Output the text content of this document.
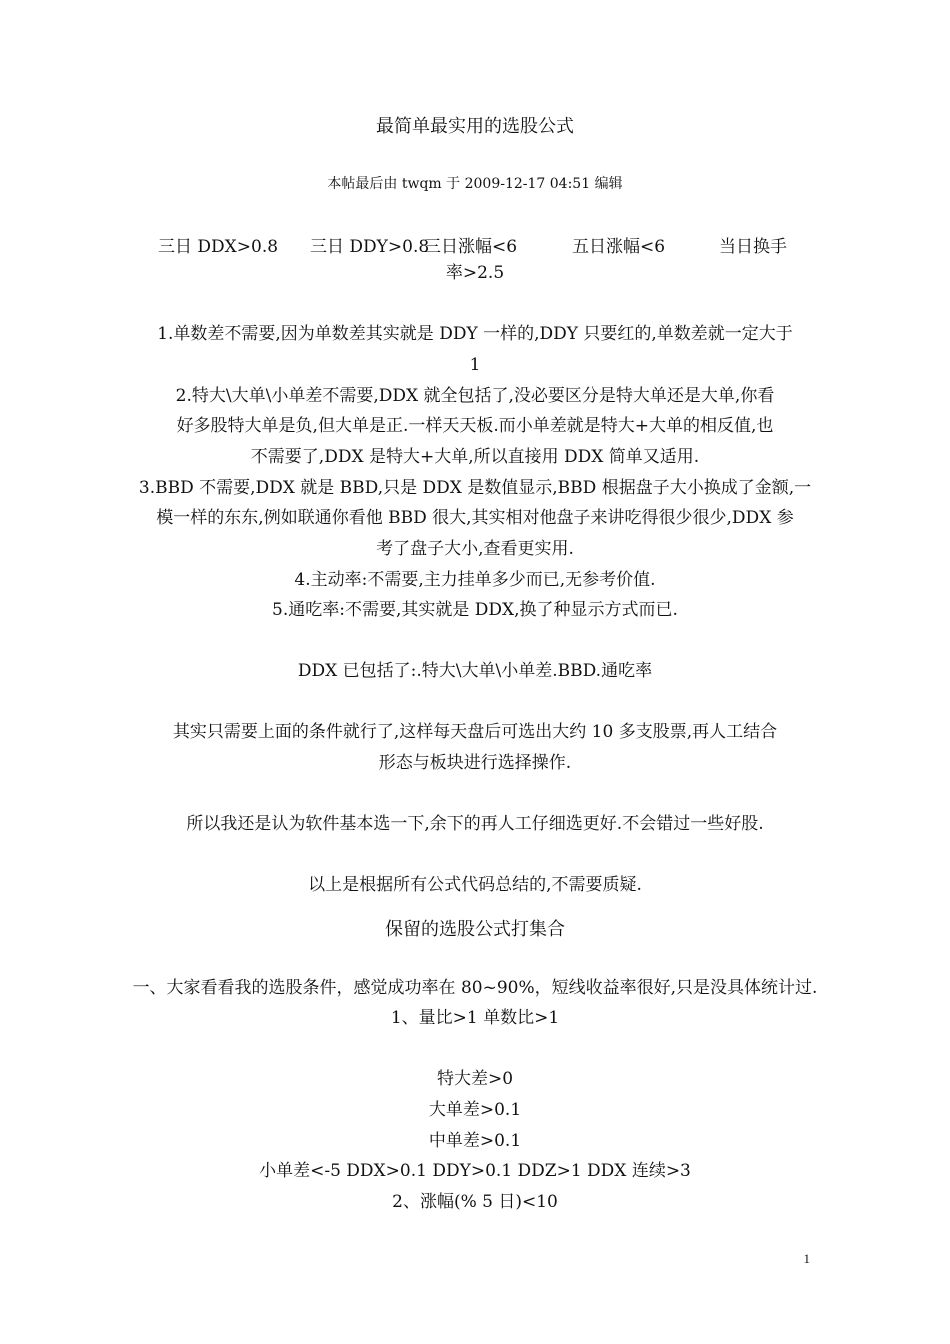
最简单最实用的选股公式
本帖最后由 twqm 于 2009-12-17 04:51 编辑
三日 DDX>0.8 三日 DDY>0.8
三日涨幅<6	五日涨幅<6	当日换手
率>2.5
1.单数差不需要,因为单数差其实就是 DDY 一样的,DDY 只要红的,单数差就一定大于
1
2.特大\大单\小单差不需要,DDX 就全包括了,没必要区分是特大单还是大单,你看
好多股特大单是负,但大单是正.一样天天板.而小单差就是特大+大单的相反值,也
不需要了,DDX 是特大+大单,所以直接用 DDX 简单又适用.
3.BBD 不需要,DDX 就是 BBD,只是 DDX 是数值显示,BBD 根据盘子大小换成了金额,一
模一样的东东,例如联通你看他 BBD 很大,其实相对他盘子来讲吃得很少很少,DDX 参
考了盘子大小,查看更实用.
4.主动率:不需要,主力挂单多少而已,无参考价值.
5.通吃率:不需要,其实就是 DDX,换了种显示方式而已.
DDX 已包括了:.特大\大单\小单差.BBD.通吃率
其实只需要上面的条件就行了,这样每天盘后可选出大约 10 多支股票,再人工结合
形态与板块进行选择操作.
所以我还是认为软件基本选一下,余下的再人工仔细选更好.不会错过一些好股.
以上是根据所有公式代码总结的,不需要质疑.
保留的选股公式打集合
一、大家看看我的选股条件，感觉成功率在 80~90%，短线收益率很好,只是没具体统计过.
1、量比>1 单数比>1
特大差>0
大单差>0.1
中单差>0.1
小单差<-5 DDX>0.1 DDY>0.1 DDZ>1 DDX 连续>3
2、涨幅(% 5 日)<10
1
